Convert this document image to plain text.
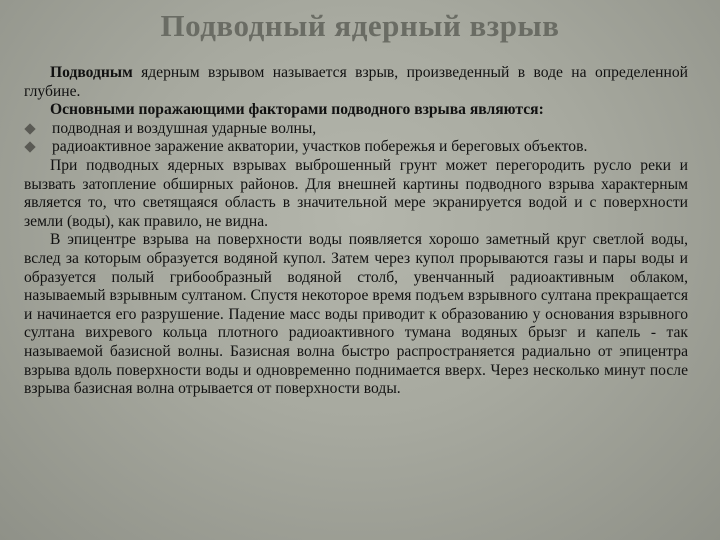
Подводный ядерный взрыв

Подводным ядерным взрывом называется взрыв, произведенный в воде на определенной глубине.

Основными поражающими факторами подводного взрыва являются:

подводная и воздушная ударные волны,

радиоактивное заражение акватории, участков побережья и береговых объектов.

При подводных ядерных взрывах выброшенный грунт может перегородить русло реки и вызвать затопление обширных районов. Для внешней картины подводного взрыва характерным является то, что светящаяся область в значительной мере экранируется водой и с поверхности земли (воды), как правило, не видна.

В эпицентре взрыва на поверхности воды появляется хорошо заметный круг светлой воды, вслед за которым образуется водяной купол. Затем через купол прорываются газы и пары воды и образуется полый грибообразный водяной столб, увенчанный радиоактивным облаком, называемый взрывным султаном. Спустя некоторое время подъем взрывного султана прекращается и начинается его разрушение. Падение масс воды приводит к образованию у основания взрывного султана вихревого кольца плотного радиоактивного тумана водяных брызг и капель - так называемой базисной волны. Базисная волна быстро распространяется радиально от эпицентра взрыва вдоль поверхности воды и одновременно поднимается вверх. Через несколько минут после взрыва базисная волна отрывается от поверхности воды.
